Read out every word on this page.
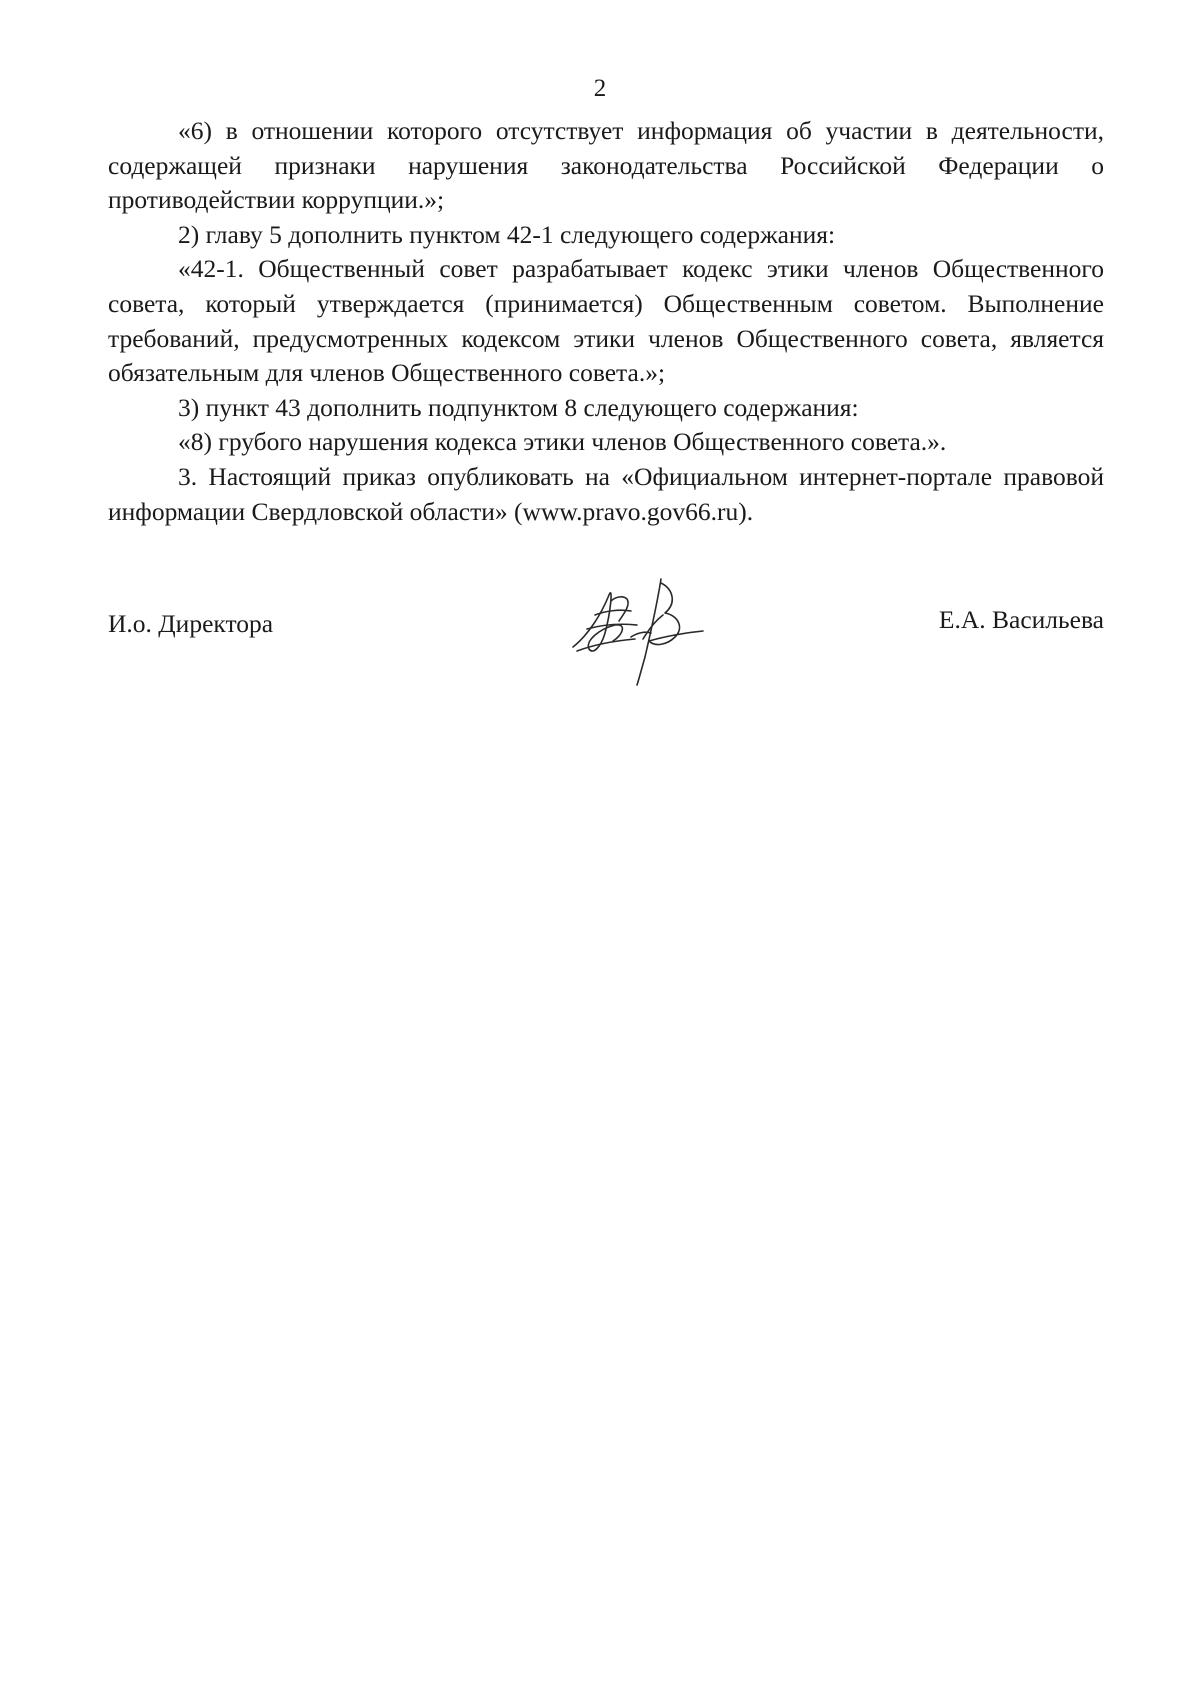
2

«6) в отношении которого отсутствует информация об участии в деятельности, содержащей признаки нарушения законодательства Российской Федерации о противодействии коррупции.»;

2) главу 5 дополнить пунктом 42-1 следующего содержания:

«42-1. Общественный совет разрабатывает кодекс этики членов Общественного совета, который утверждается (принимается) Общественным советом. Выполнение требований, предусмотренных кодексом этики членов Общественного совета, является обязательным для членов Общественного совета.»;

3) пункт 43 дополнить подпунктом 8 следующего содержания:

«8) грубого нарушения кодекса этики членов Общественного совета.».

3. Настоящий приказ опубликовать на «Официальном интернет-портале правовой информации Свердловской области» (www.pravo.gov66.ru).

И.о. Директора	Е.А. Васильева
